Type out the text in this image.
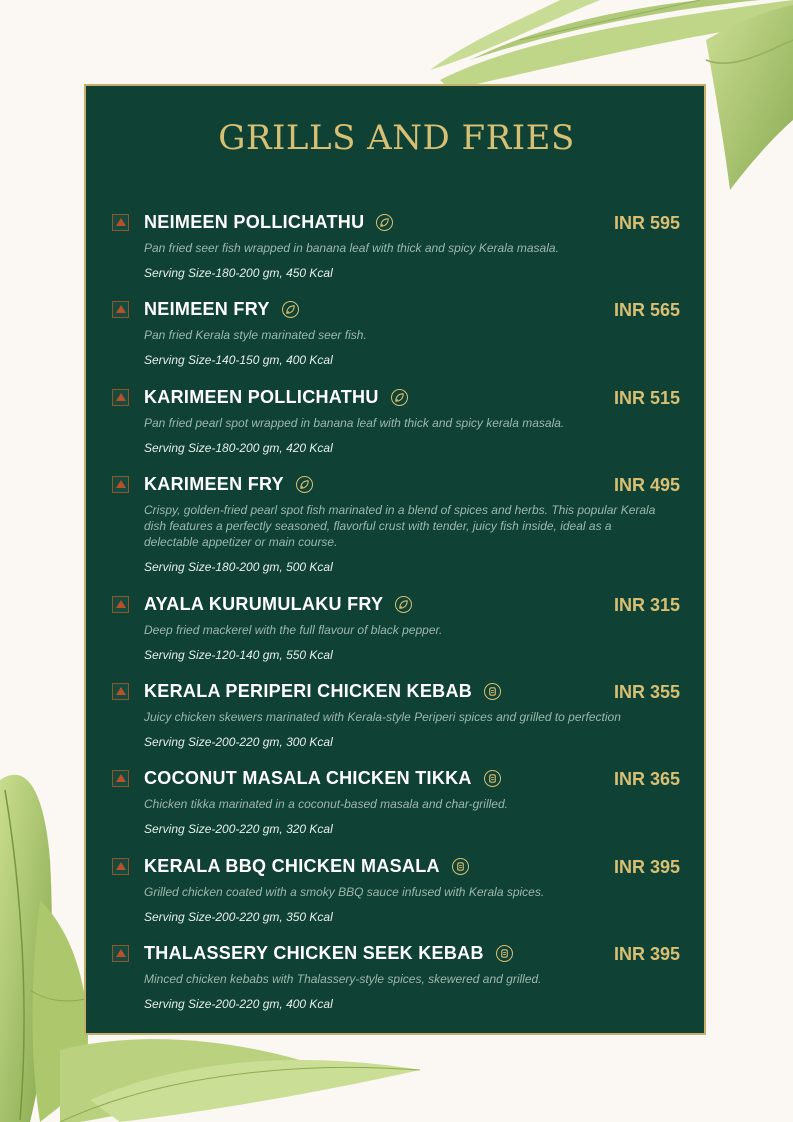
GRILLS AND FRIES
NEIMEEN POLLICHATHU	INR 595

Pan fried seer fish wrapped in banana leaf with thick and spicy Kerala masala.

Serving Size-180-200 gm, 450 Kcal

NEIMEEN FRY	INR 565

Pan fried Kerala style marinated seer fish.

Serving Size-140-150 gm, 400 Kcal

KARIMEEN POLLICHATHU	INR 515

Pan fried pearl spot wrapped in banana leaf with thick and spicy kerala masala.

Serving Size-180-200 gm, 420 Kcal

KARIMEEN FRY	INR 495

Crispy, golden-fried pearl spot fish marinated in a blend of spices and herbs. This popular Kerala dish features a perfectly seasoned, flavorful crust with tender, juicy fish inside, ideal as a delectable appetizer or main course.

Serving Size-180-200 gm, 500 Kcal

AYALA KURUMULAKU FRY	INR 315

Deep fried mackerel with the full flavour of black pepper.

Serving Size-120-140 gm, 550 Kcal

KERALA PERIPERI CHICKEN KEBAB	INR 355

Juicy chicken skewers marinated with Kerala-style Periperi spices and grilled to perfection

Serving Size-200-220 gm, 300 Kcal

COCONUT MASALA CHICKEN TIKKA	INR 365

Chicken tikka marinated in a coconut-based masala and char-grilled.

Serving Size-200-220 gm, 320 Kcal

KERALA BBQ CHICKEN MASALA	INR 395

Grilled chicken coated with a smoky BBQ sauce infused with Kerala spices.

Serving Size-200-220 gm, 350 Kcal

THALASSERY CHICKEN SEEK KEBAB	INR 395

Minced chicken kebabs with Thalassery-style spices, skewered and grilled.

Serving Size-200-220 gm, 400 Kcal
